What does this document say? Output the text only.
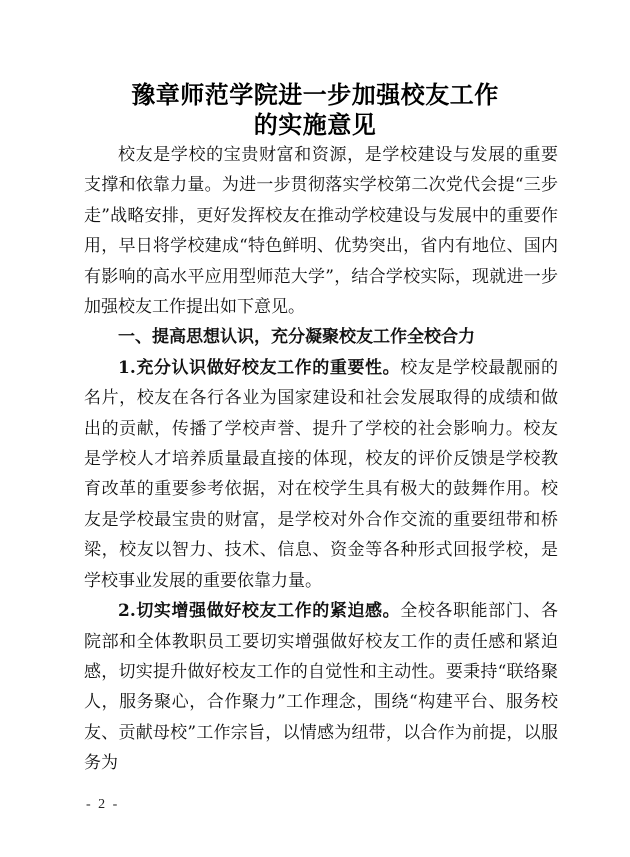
豫章师范学院进一步加强校友工作
的实施意见

校友是学校的宝贵财富和资源，是学校建设与发展的重要支撑和依靠力量。为进一步贯彻落实学校第二次党代会提“三步走”战略安排，更好发挥校友在推动学校建设与发展中的重要作用，早日将学校建成“特色鲜明、优势突出，省内有地位、国内有影响的高水平应用型师范大学”，结合学校实际，现就进一步加强校友工作提出如下意见。

一、提高思想认识，充分凝聚校友工作全校合力

1.充分认识做好校友工作的重要性。校友是学校最靓丽的名片，校友在各行各业为国家建设和社会发展取得的成绩和做出的贡献，传播了学校声誉、提升了学校的社会影响力。校友是学校人才培养质量最直接的体现，校友的评价反馈是学校教育改革的重要参考依据，对在校学生具有极大的鼓舞作用。校友是学校最宝贵的财富，是学校对外合作交流的重要纽带和桥梁，校友以智力、技术、信息、资金等各种形式回报学校，是学校事业发展的重要依靠力量。

2.切实增强做好校友工作的紧迫感。全校各职能部门、各院部和全体教职员工要切实增强做好校友工作的责任感和紧迫感，切实提升做好校友工作的自觉性和主动性。要秉持“联络聚人，服务聚心，合作聚力”工作理念，围绕“构建平台、服务校友、贡献母校”工作宗旨，以情感为纽带，以合作为前提，以服务为

- 2 -
